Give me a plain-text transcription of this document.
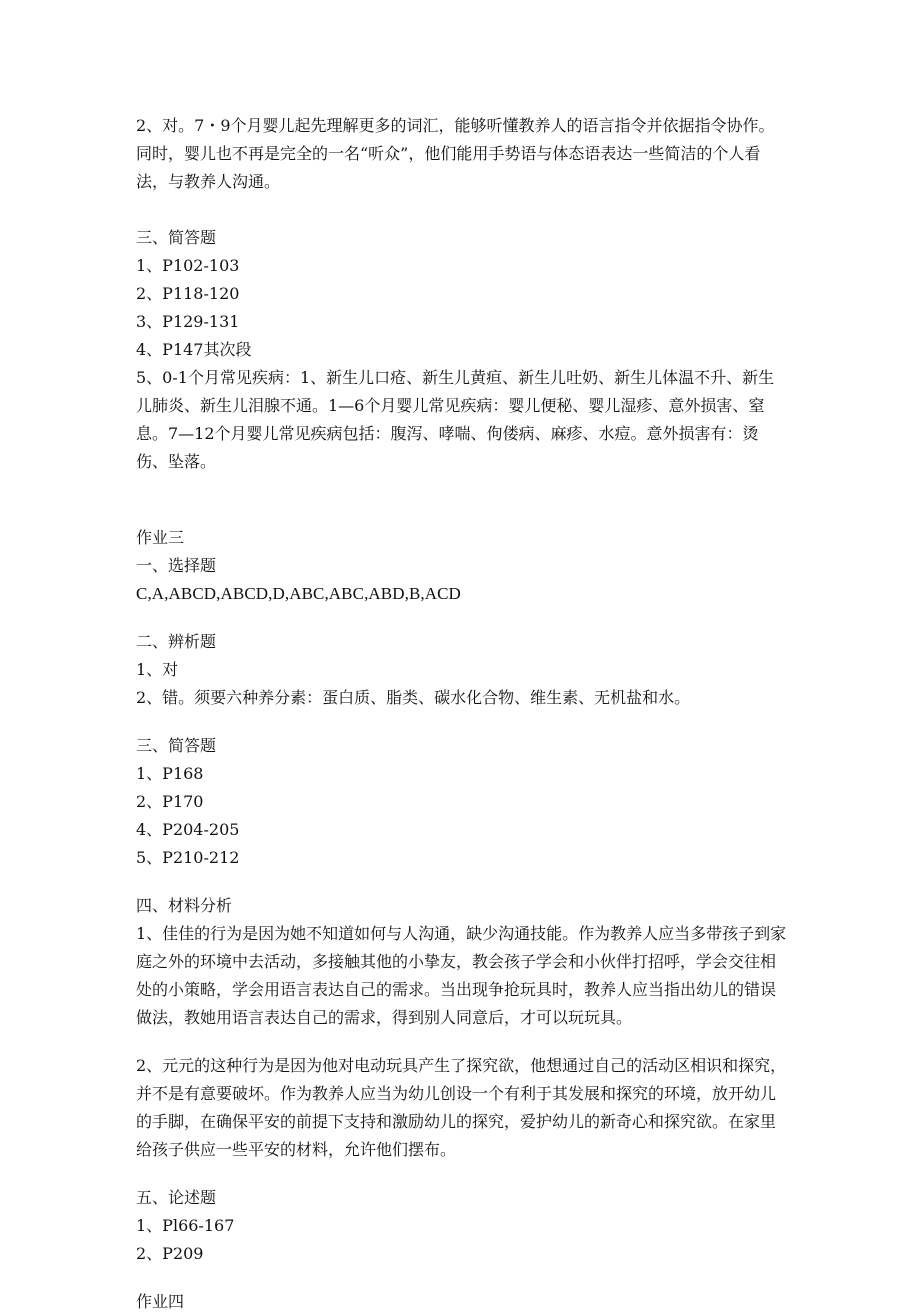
2、对。7・9个月婴儿起先理解更多的词汇，能够听懂教养人的语言指令并依据指令协作。同时，婴儿也不再是完全的一名“听众”，他们能用手势语与体态语表达一些简洁的个人看法，与教养人沟通。

三、简答题

1、P102-103
2、P118-120
3、P129-131
4、P147其次段

5、0-1个月常见疾病：1、新生儿口疮、新生儿黄疸、新生儿吐奶、新生儿体温不升、新生儿肺炎、新生儿泪腺不通。1—6个月婴儿常见疾病：婴儿便秘、婴儿湿疹、意外损害、窒息。7—12个月婴儿常见疾病包括：腹泻、哮喘、佝偻病、麻疹、水痘。意外损害有：烫伤、坠落。

作业三

一、选择题

C,A,ABCD,ABCD,D,ABC,ABC,ABD,B,ACD

二、辨析题

1、对
2、错。须要六种养分素：蛋白质、脂类、碳水化合物、维生素、无机盐和水。

三、简答题

1、P168
2、P170
4、P204-205
5、P210-212

四、材料分析

1、佳佳的行为是因为她不知道如何与人沟通，缺少沟通技能。作为教养人应当多带孩子到家庭之外的环境中去活动，多接触其他的小挚友，教会孩子学会和小伙伴打招呼，学会交往相处的小策略，学会用语言表达自己的需求。当出现争抢玩具时，教养人应当指出幼儿的错误做法，教她用语言表达自己的需求，得到别人同意后，才可以玩玩具。

2、元元的这种行为是因为他对电动玩具产生了探究欲，他想通过自己的活动区相识和探究，并不是有意要破坏。作为教养人应当为幼儿创设一个有利于其发展和探究的环境，放开幼儿的手脚，在确保平安的前提下支持和激励幼儿的探究，爱护幼儿的新奇心和探究欲。在家里给孩子供应一些平安的材料，允许他们摆布。

五、论述题

1、Pl66-167
2、P209

作业四
